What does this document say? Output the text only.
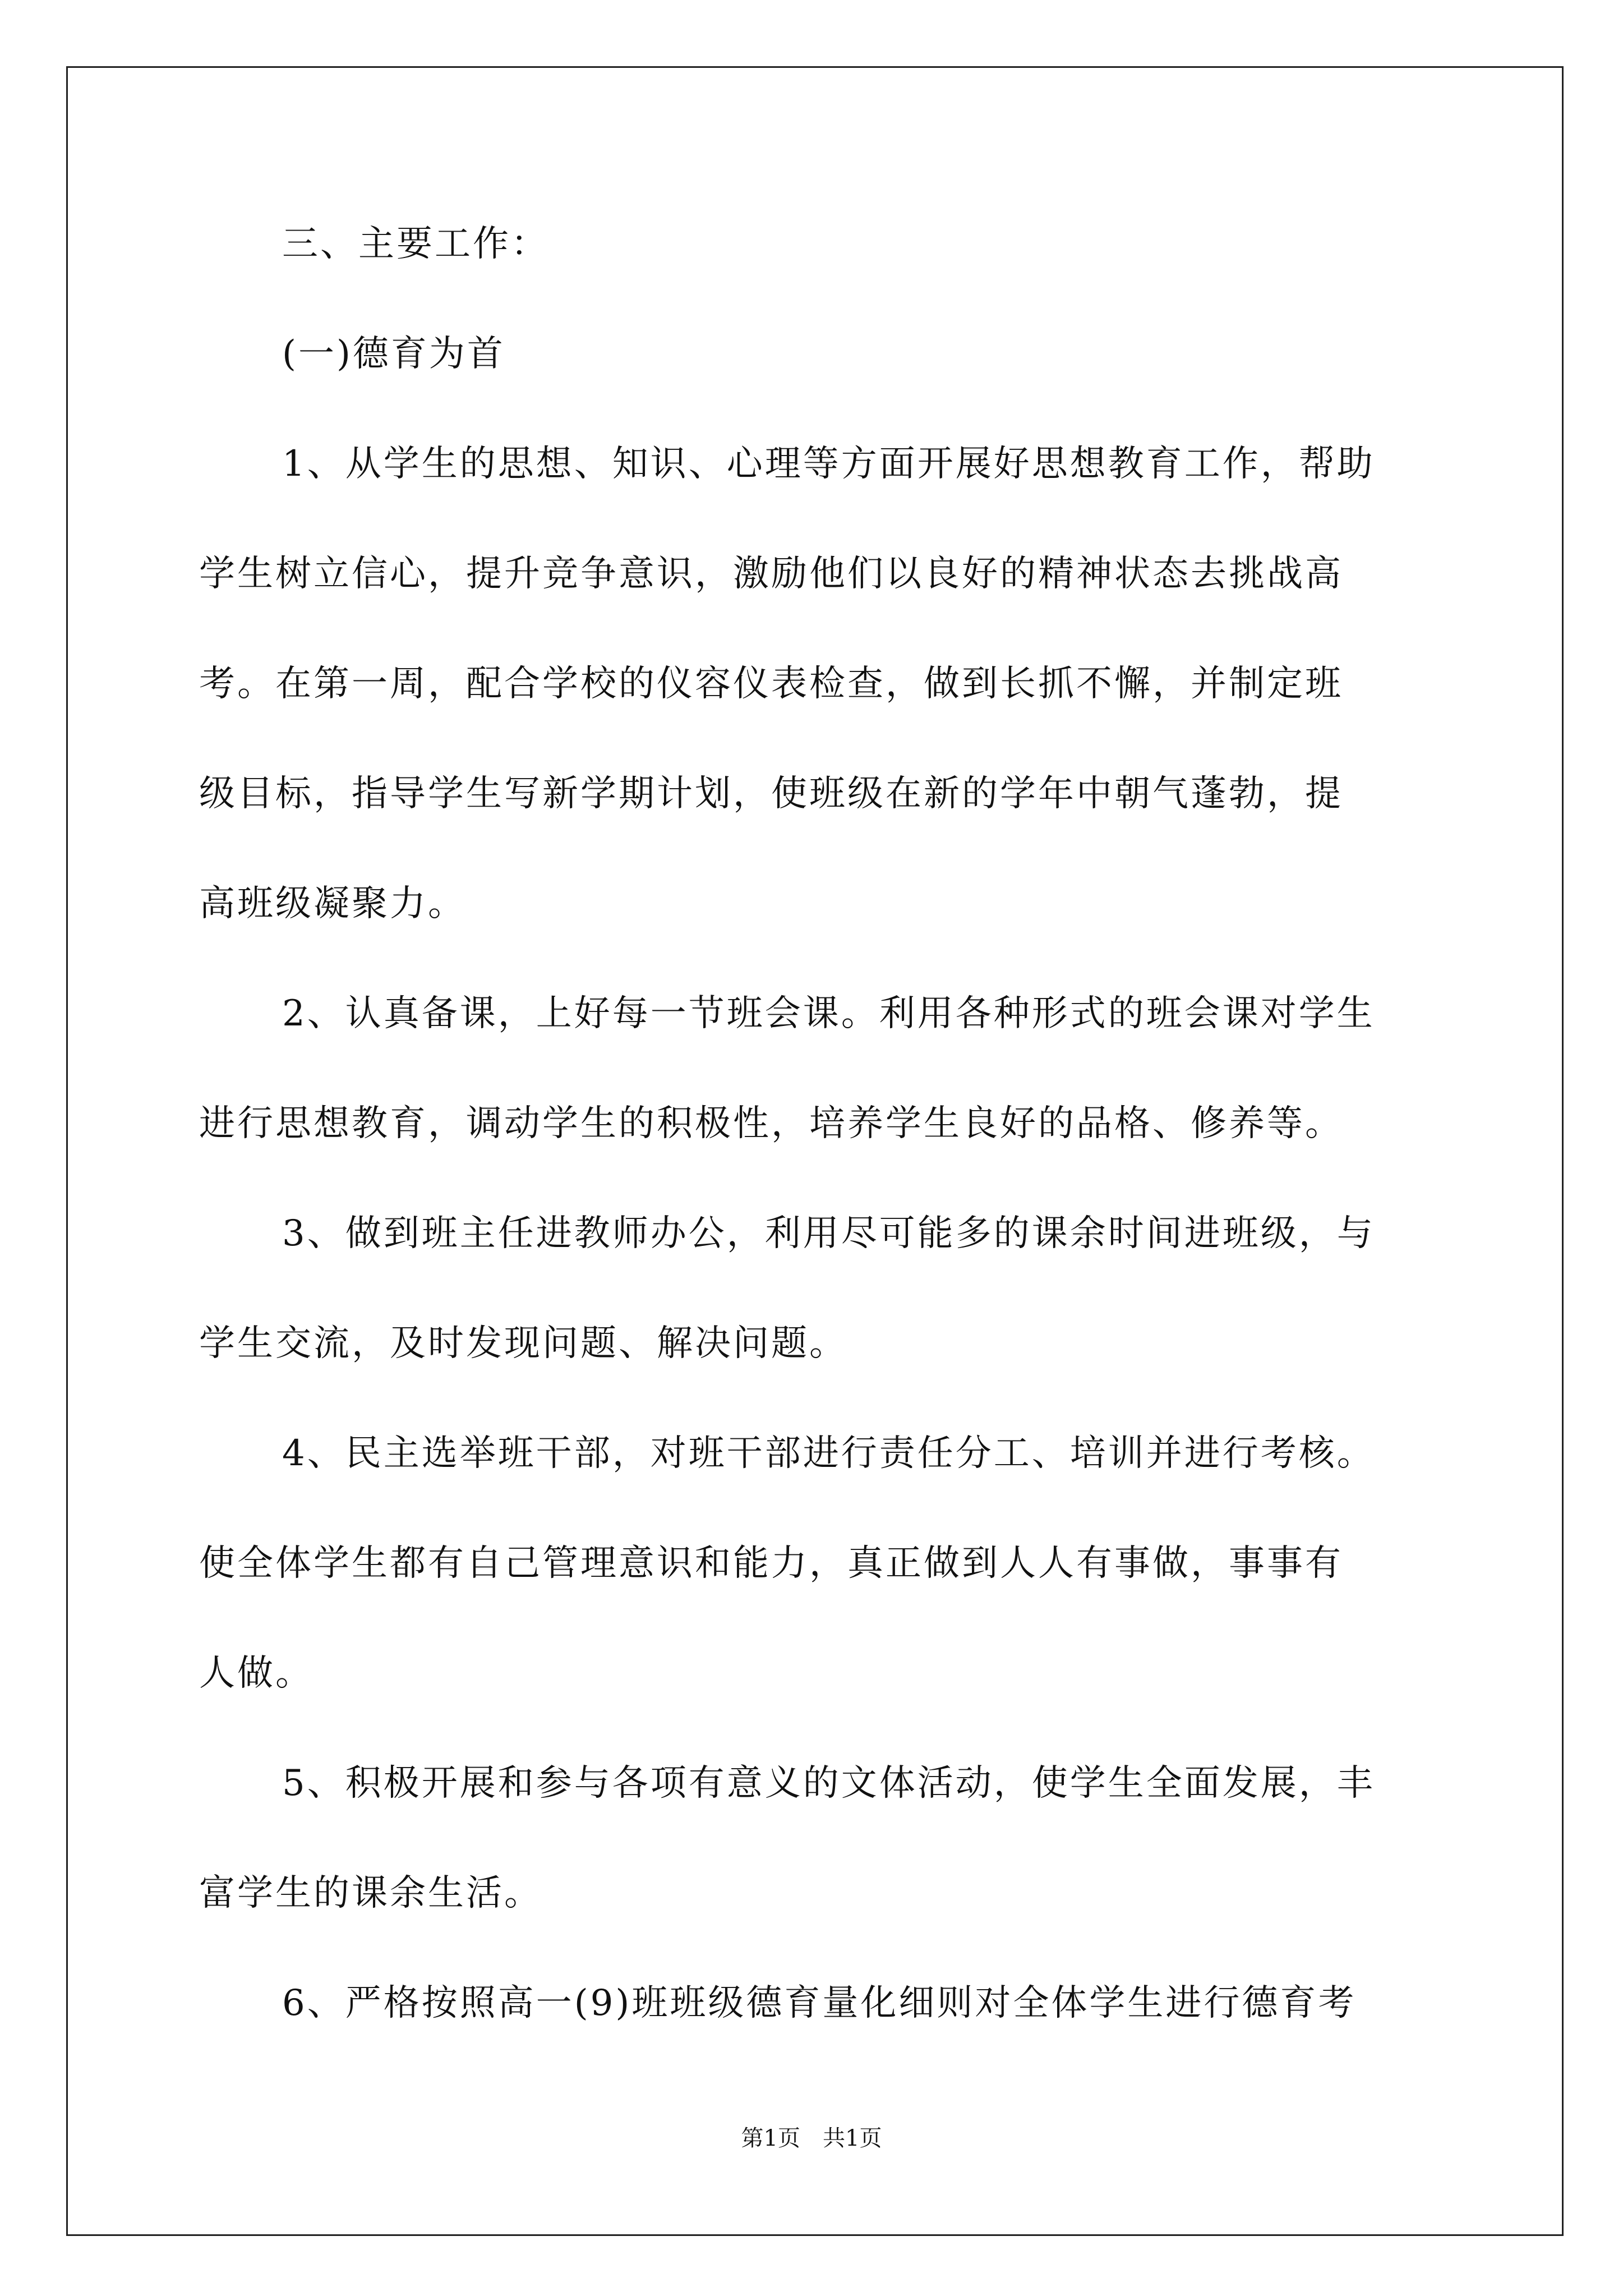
三、主要工作：
(一)德育为首
1、从学生的思想、知识、心理等方面开展好思想教育工作，帮助
学生树立信心，提升竞争意识，激励他们以良好的精神状态去挑战高
考。在第一周，配合学校的仪容仪表检查，做到长抓不懈，并制定班
级目标，指导学生写新学期计划，使班级在新的学年中朝气蓬勃，提
高班级凝聚力。
2、认真备课，上好每一节班会课。利用各种形式的班会课对学生
进行思想教育，调动学生的积极性，培养学生良好的品格、修养等。
3、做到班主任进教师办公，利用尽可能多的课余时间进班级，与
学生交流，及时发现问题、解决问题。
4、民主选举班干部，对班干部进行责任分工、培训并进行考核。
使全体学生都有自己管理意识和能力，真正做到人人有事做，事事有
人做。
5、积极开展和参与各项有意义的文体活动，使学生全面发展，丰
富学生的课余生活。
6、严格按照高一(9)班班级德育量化细则对全体学生进行德育考
第1页　共1页
